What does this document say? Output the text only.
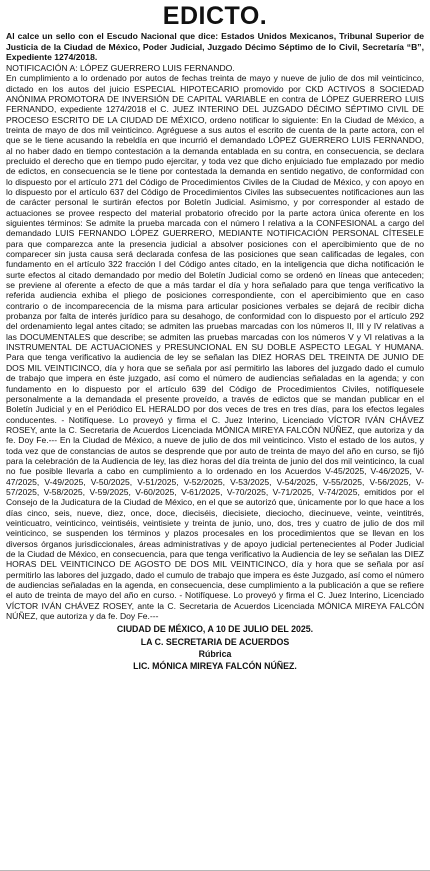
EDICTO.

Al calce un sello con el Escudo Nacional que dice: Estados Unidos Mexicanos, Tribunal Superior de Justicia de la Ciudad de México, Poder Judicial, Juzgado Décimo Séptimo de lo Civil, Secretaría “B”, Expediente 1274/2018.

NOTIFICACIÓN A: LÓPEZ GUERRERO LUIS FERNANDO.

En cumplimiento a lo ordenado por autos de fechas treinta de mayo y nueve de julio de dos mil veinticinco, dictado en los autos del juicio ESPECIAL HIPOTECARIO promovido por CKD ACTIVOS 8 SOCIEDAD ANÓNIMA PROMOTORA DE INVERSIÓN DE CAPITAL VARIABLE en contra de LÓPEZ GUERRERO LUIS FERNANDO, expediente 1274/2018 el C. JUEZ INTERINO DEL JUZGADO DÉCIMO SÉPTIMO CIVIL DE PROCESO ESCRITO DE LA CIUDAD DE MÉXICO, ordeno notificar lo siguiente: En la Ciudad de México, a treinta de mayo de dos mil veinticinco. Agréguese a sus autos el escrito de cuenta de la parte actora, con el que se le tiene acusando la rebeldía en que incurrió el demandado LÓPEZ GUERRERO LUIS FERNANDO, al no haber dado en tiempo contestación a la demanda entablada en su contra, en consecuencia, se declara precluido el derecho que en tiempo pudo ejercitar, y toda vez que dicho enjuiciado fue emplazado por medio de edictos, en consecuencia se le tiene por contestada la demanda en sentido negativo, de conformidad con lo dispuesto por el artículo 271 del Código de Procedimientos Civiles de la Ciudad de México, y con apoyo en lo dispuesto por el artículo 637 del Código de Procedimientos Civiles las subsecuentes notificaciones aun las de carácter personal le surtirán efectos por Boletín Judicial. Asimismo, y por corresponder al estado de actuaciones se provee respecto del material probatorio ofrecido por la parte actora única oferente en los siguientes términos: Se admite la prueba marcada con el número I relativa a la CONFESIONAL a cargo del demandado LUIS FERNANDO LÓPEZ GUERRERO, MEDIANTE NOTIFICACIÓN PERSONAL CÍTESELE para que comparezca ante la presencia judicial a absolver posiciones con el apercibimiento que de no comparecer sin justa causa será declarada confesa de las posiciones que sean calificadas de legales, con fundamento en el artículo 322 fracción I del Código antes citado, en la inteligencia que dicha notificación le surte efectos al citado demandado por medio del Boletín Judicial como se ordenó en líneas que anteceden; se previene al oferente a efecto de que a más tardar el día y hora señalado para que tenga verificativo la referida audiencia exhiba el pliego de posiciones correspondiente, con el apercibimiento que en caso contrario o de incomparecencia de la misma para articular posiciones verbales se dejará de recibir dicha probanza por falta de interés jurídico para su desahogo, de conformidad con lo dispuesto por el artículo 292 del ordenamiento legal antes citado; se admiten las pruebas marcadas con los números II, III y IV relativas a las DOCUMENTALES que describe; se admiten las pruebas marcadas con los números V y VI relativas a la INSTRUMENTAL DE ACTUACIONES y PRESUNCIONAL EN SU DOBLE ASPECTO LEGAL Y HUMANA. Para que tenga verificativo la audiencia de ley se señalan las DIEZ HORAS DEL TREINTA DE JUNIO DE DOS MIL VEINTICINCO, día y hora que se señala por así permitirlo las labores del juzgado dado el cumulo de trabajo que impera en éste juzgado, así como el número de audiencias señaladas en la agenda; y con fundamento en lo dispuesto por el artículo 639 del Código de Procedimientos Civiles, notifíquesele personalmente a la demandada el presente proveído, a través de edictos que se mandan publicar en el Boletín Judicial y en el Periódico EL HERALDO por dos veces de tres en tres días, para los efectos legales conducentes. - Notifíquese. Lo proveyó y firma el C. Juez Interino, Licenciado VÍCTOR IVÁN CHÁVEZ ROSEY, ante la C. Secretaria de Acuerdos Licenciada MÓNICA MIREYA FALCÓN NÚÑEZ, que autoriza y da fe. Doy Fe.--- En la Ciudad de México, a nueve de julio de dos mil veinticinco. Visto el estado de los autos, y toda vez que de constancias de autos se desprende que por auto de treinta de mayo del año en curso, se fijó para la celebración de la Audiencia de ley, las diez horas del día treinta de junio del dos mil veinticinco, la cual no fue posible llevarla a cabo en cumplimiento a lo ordenado en los Acuerdos V-45/2025, V-46/2025, V-47/2025, V-49/2025, V-50/2025, V-51/2025, V-52/2025, V-53/2025, V-54/2025, V-55/2025, V-56/2025, V-57/2025, V-58/2025, V-59/2025, V-60/2025, V-61/2025, V-70/2025, V-71/2025, V-74/2025, emitidos por el Consejo de la Judicatura de la Ciudad de México, en el que se autorizó que, únicamente por lo que hace a los días cinco, seis, nueve, diez, once, doce, dieciséis, diecisiete, dieciocho, diecinueve, veinte, veintitrés, veinticuatro, veinticinco, veintiséis, veintisiete y treinta de junio, uno, dos, tres y cuatro de julio de dos mil veinticinco, se suspenden los términos y plazos procesales en los procedimientos que se llevan en los diversos órganos jurisdiccionales, áreas administrativas y de apoyo judicial pertenecientes al Poder Judicial de la Ciudad de México, en consecuencia, para que tenga verificativo la Audiencia de ley se señalan las DIEZ HORAS DEL VEINTICINCO DE AGOSTO DE DOS MIL VEINTICINCO, día y hora que se señala por así permitirlo las labores del juzgado, dado el cumulo de trabajo que impera es éste Juzgado, así como el número de audiencias señaladas en la agenda, en consecuencia, dese cumplimiento a la publicación a que se refiere el auto de treinta de mayo del año en curso. - Notifíquese. Lo proveyó y firma el C. Juez Interino, Licenciado VÍCTOR IVÁN CHÁVEZ ROSEY, ante la C. Secretaria de Acuerdos Licenciada MÓNICA MIREYA FALCÓN NÚÑEZ, que autoriza y da fe. Doy Fe.---

CIUDAD DE MÉXICO, A 10 DE JULIO DEL 2025.
LA C. SECRETARIA DE ACUERDOS
Rúbrica
LIC. MÓNICA MIREYA FALCÓN NÚÑEZ.
